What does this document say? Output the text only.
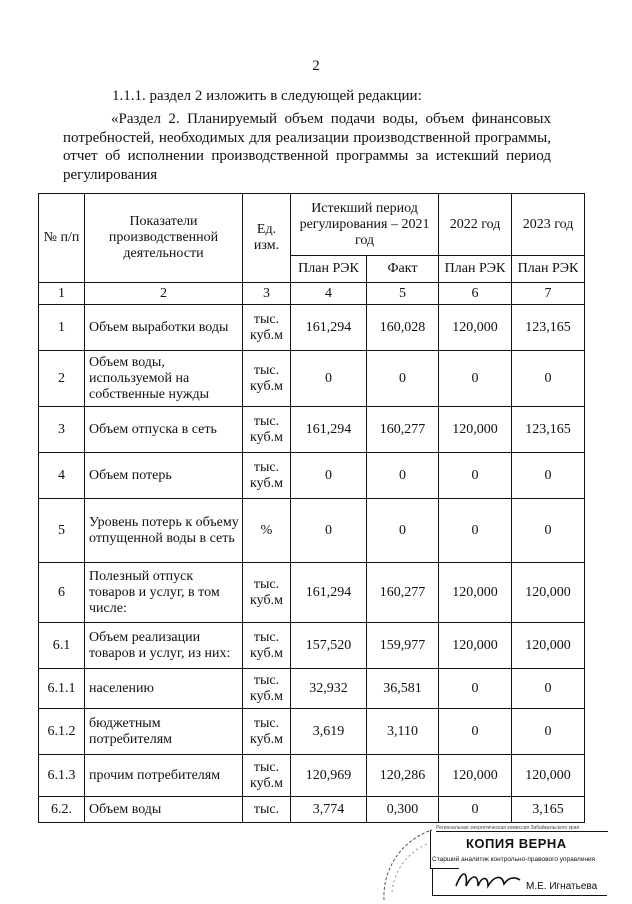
2
1.1.1. раздел 2 изложить в следующей редакции:
«Раздел 2. Планируемый объем подачи воды, объем финансовых потребностей, необходимых для реализации производственной программы, отчет об исполнении производственной программы за истекший период регулирования
№ п/п	Показатели производственной деятельности	Ед. изм.	Истекший период регулирования – 2021 год		2022 год	2023 год
			План РЭК	Факт	План РЭК	План РЭК
1	2	3	4	5	6	7
1	Объем выработки воды	тыс. куб.м	161,294	160,028	120,000	123,165
2	Объем воды, используемой на собственные нужды	тыс. куб.м	0	0	0	0
3	Объем отпуска в сеть	тыс. куб.м	161,294	160,277	120,000	123,165
4	Объем потерь	тыс. куб.м	0	0	0	0
5	Уровень потерь к объему отпущенной воды в сеть	%	0	0	0	0
6	Полезный отпуск товаров и услуг, в том числе:	тыс. куб.м	161,294	160,277	120,000	120,000
6.1	Объем реализации товаров и услуг, из них:	тыс. куб.м	157,520	159,977	120,000	120,000
6.1.1	населению	тыс. куб.м	32,932	36,581	0	0
6.1.2	бюджетным потребителям	тыс. куб.м	3,619	3,110	0	0
6.1.3	прочим потребителям	тыс. куб.м	120,969	120,286	120,000	120,000
6.2.	Объем воды	тыс.	3,774	0,300	0	3,165
Региональная энергетическая комиссия Забайкальского края
КОПИЯ ВЕРНА
Старший аналитик контрольно-правового управления
М.Е. Игнатьева
